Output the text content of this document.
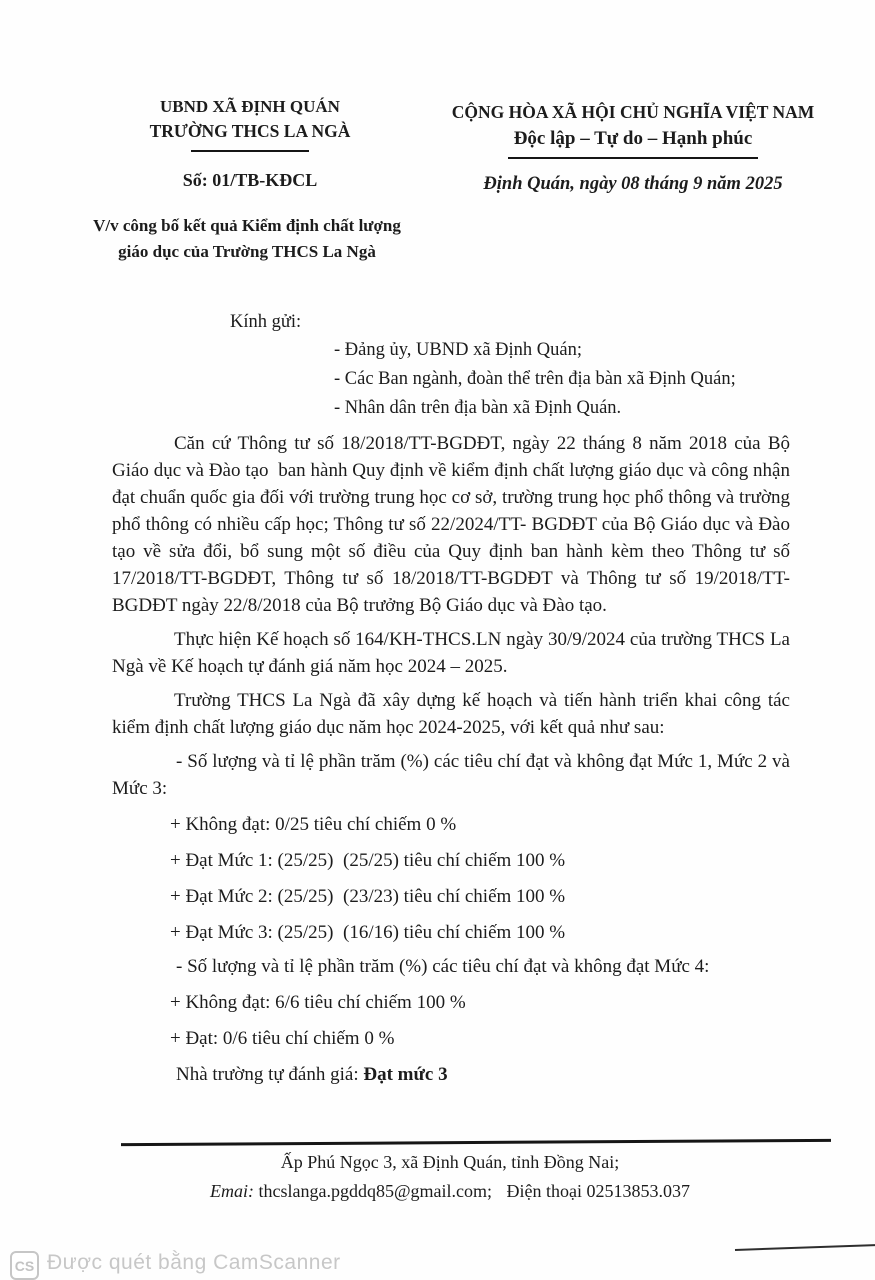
UBND XÃ ĐỊNH QUÁN
TRƯỜNG THCS LA NGÀ
Số: 01/TB-KĐCL
CỘNG HÒA XÃ HỘI CHỦ NGHĨA VIỆT NAM
Độc lập – Tự do – Hạnh phúc
Định Quán, ngày 08 tháng 9 năm 2025
V/v công bố kết quả Kiểm định chất lượng
giáo dục của Trường THCS La Ngà
Kính gửi:
- Đảng ủy, UBND xã Định Quán;
- Các Ban ngành, đoàn thể trên địa bàn xã Định Quán;
- Nhân dân trên địa bàn xã Định Quán.

Căn cứ Thông tư số 18/2018/TT-BGDĐT, ngày 22 tháng 8 năm 2018 của Bộ Giáo dục và Đào tạo  ban hành Quy định về kiểm định chất lượng giáo dục và công nhận đạt chuẩn quốc gia đối với trường trung học cơ sở, trường trung học phổ thông và trường phổ thông có nhiều cấp học; Thông tư số 22/2024/TT- BGDĐT của Bộ Giáo dục và Đào tạo về sửa đổi, bổ sung một số điều của Quy định ban hành kèm theo Thông tư số 17/2018/TT-BGDĐT, Thông tư số 18/2018/TT-BGDĐT và Thông tư số 19/2018/TT-BGDĐT ngày 22/8/2018 của Bộ trưởng Bộ Giáo dục và Đào tạo.

Thực hiện Kế hoạch số 164/KH-THCS.LN ngày 30/9/2024 của trường THCS La Ngà về Kế hoạch tự đánh giá năm học 2024 – 2025.

Trường THCS La Ngà đã xây dựng kế hoạch và tiến hành triển khai công tác kiểm định chất lượng giáo dục năm học 2024-2025, với kết quả như sau:

- Số lượng và tỉ lệ phần trăm (%) các tiêu chí đạt và không đạt Mức 1, Mức 2 và Mức 3:

+ Không đạt: 0/25 tiêu chí chiếm 0 %

+ Đạt Mức 1: (25/25)  (25/25) tiêu chí chiếm 100 %

+ Đạt Mức 2: (25/25)  (23/23) tiêu chí chiếm 100 %

+ Đạt Mức 3: (25/25)  (16/16) tiêu chí chiếm 100 %

- Số lượng và tỉ lệ phần trăm (%) các tiêu chí đạt và không đạt Mức 4:

+ Không đạt: 6/6 tiêu chí chiếm 100 %

+ Đạt: 0/6 tiêu chí chiếm 0 %

Nhà trường tự đánh giá: Đạt mức 3

Ấp Phú Ngọc 3, xã Định Quán, tỉnh Đồng Nai;
Emai: thcslanga.pgddq85@gmail.com; Điện thoại 02513853.037
CS Được quét bằng CamScanner
